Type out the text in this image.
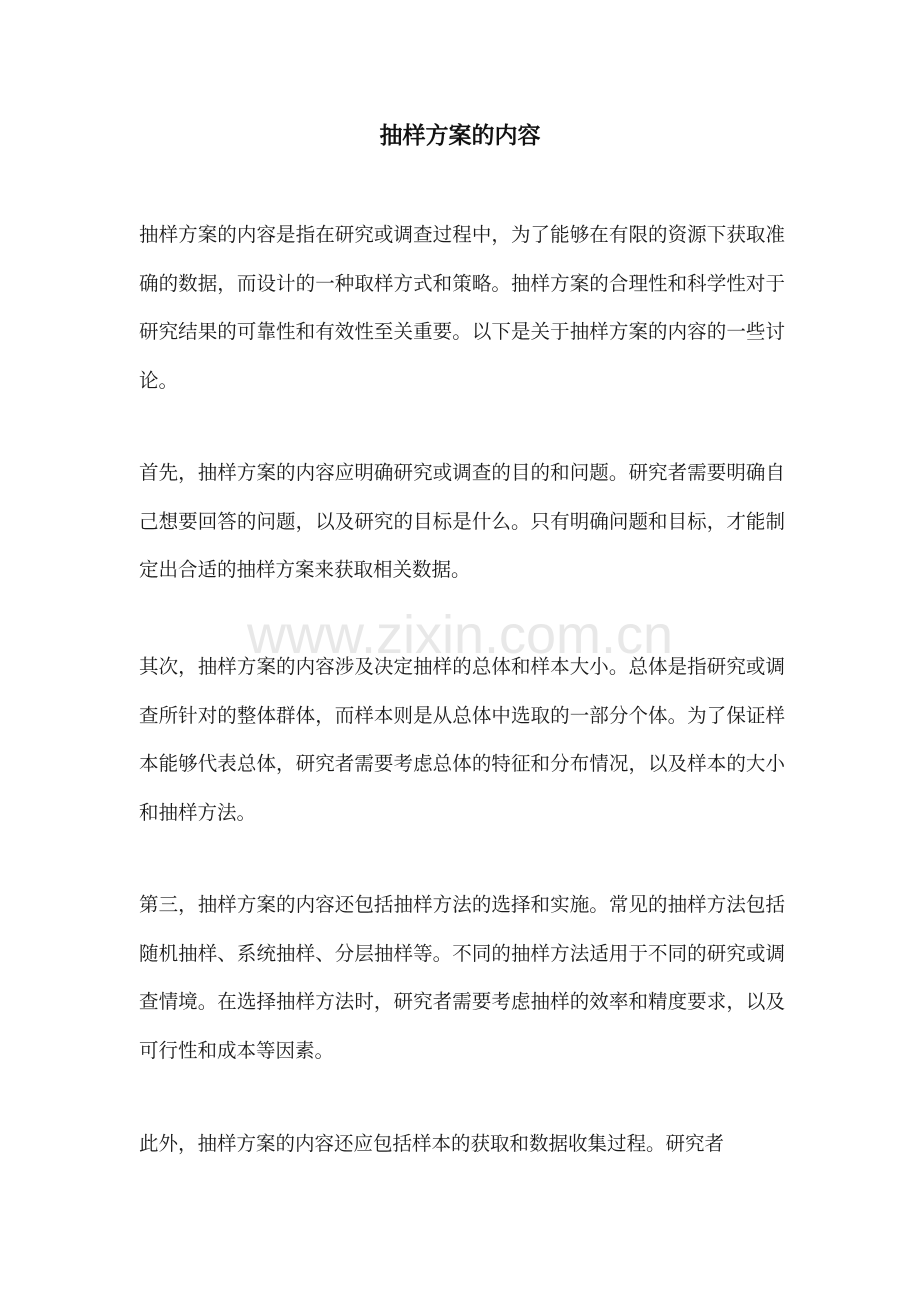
抽样方案的内容
www.zixin.com.cn

抽样方案的内容是指在研究或调查过程中，为了能够在有限的资源下获取准确的数据，而设计的一种取样方式和策略。抽样方案的合理性和科学性对于研究结果的可靠性和有效性至关重要。以下是关于抽样方案的内容的一些讨论。

首先，抽样方案的内容应明确研究或调查的目的和问题。研究者需要明确自己想要回答的问题，以及研究的目标是什么。只有明确问题和目标，才能制定出合适的抽样方案来获取相关数据。

其次，抽样方案的内容涉及决定抽样的总体和样本大小。总体是指研究或调查所针对的整体群体，而样本则是从总体中选取的一部分个体。为了保证样本能够代表总体，研究者需要考虑总体的特征和分布情况，以及样本的大小和抽样方法。

第三，抽样方案的内容还包括抽样方法的选择和实施。常见的抽样方法包括随机抽样、系统抽样、分层抽样等。不同的抽样方法适用于不同的研究或调查情境。在选择抽样方法时，研究者需要考虑抽样的效率和精度要求，以及可行性和成本等因素。

此外，抽样方案的内容还应包括样本的获取和数据收集过程。研究者
